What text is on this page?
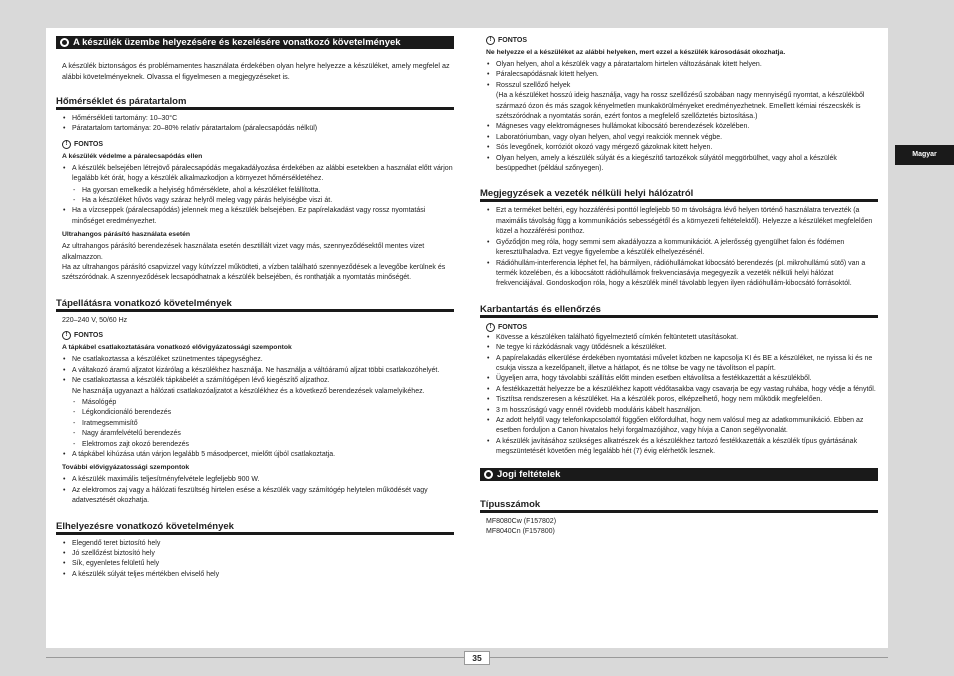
A készülék üzembe helyezésére és kezelésére vonatkozó követelmények

A készülék biztonságos és problémamentes használata érdekében olyan helyre helyezze a készüléket, amely megfelel az alábbi követelményeknek. Olvassa el figyelmesen a megjegyzéseket is.

Hőmérséklet és páratartalom
• Hőmérsékleti tartomány: 10–30°C
• Páratartalom tartománya: 20–80% relatív páratartalom (páralecsapódás nélkül)
! FONTOS
A készülék védelme a páralecsapódás ellen
• A készülék belsejében létrejövő páralecsapódás megakadályozása érdekében az alábbi esetekben a használat előtt várjon legalább két órát, hogy a készülék alkalmazkodjon a környezet hőmérsékletéhez.
- Ha gyorsan emelkedik a helyiség hőmérséklete, ahol a készüléket felállította.
- Ha a készüléket hűvös vagy száraz helyről meleg vagy párás helyiségbe viszi át.
• Ha a vízcseppek (páralecsapódás) jelennek meg a készülék belsejében. Ez papírelakadást vagy rossz nyomtatási minőséget eredményezhet.
Ultrahangos párásító használata esetén

Az ultrahangos párásító berendezések használata esetén desztillált vizet vagy más, szennyeződésektől mentes vizet alkalmazzon.
Ha az ultrahangos párásító csapvizzel vagy kútvízzel működteti, a vízben található szennyeződések a levegőbe kerülnek és szétszóródnak. A szennyeződések lecsapódhatnak a készülék belsejében, és ronthatják a nyomtatás minőségét.

Tápellátásra vonatkozó követelmények

220–240 V, 50/60 Hz

! FONTOS
A tápkábel csatlakoztatására vonatkozó elővigyázatossági szempontok
• Ne csatlakoztassa a készüléket szünetmentes tápegységhez.
• A váltakozó áramú aljzatot kizárólag a készülékhez használja. Ne használja a váltóáramú aljzat többi csatlakozóhelyét.
• Ne csatlakoztassa a készülék tápkábelét a számítógépen lévő kiegészítő aljzathoz.
Ne használja ugyanazt a hálózati csatlakozóaljzatot a készülékhez és a következő berendezések valamelyikéhez.
- Másológép
- Légkondicionáló berendezés
- Iratmegsemmisítő
- Nagy áramfelvételű berendezés
- Elektromos zajt okozó berendezés
• A tápkábel kihúzása után várjon legalább 5 másodpercet, mielőtt újból csatlakoztatja.
További elővigyázatossági szempontok
• A készülék maximális teljesítményfelvétele legfeljebb 900 W.
• Az elektromos zaj vagy a hálózati feszültség hirtelen esése a készülék vagy számítógép helytelen működését vagy adatvesztését okozhatja.
Elhelyezésre vonatkozó követelmények
• Elegendő teret biztosító hely
• Jó szellőzést biztosító hely
• Sík, egyenletes felületű hely
• A készülék súlyát teljes mértékben elviselő hely
! FONTOS
Ne helyezze el a készüléket az alábbi helyeken, mert ezzel a készülék károsodását okozhatja.
• Olyan helyen, ahol a készülék vagy a páratartalom hirtelen változásának kitett helyen.
• Páralecsapódásnak kitett helyen.
• Rosszul szellőző helyek
(Ha a készüléket hosszú ideig használja, vagy ha rossz szellőzésű szobában nagy mennyiségű nyomtat, a készülékből származó ózon és más szagok kényelmetlen munkakörülményeket eredményezhetnek. Emellett kémiai részecskék is szétszóródnak a nyomtatás során, ezért fontos a megfelelő szellőztetés biztosítása.)
• Mágneses vagy elektromágneses hullámokat kibocsátó berendezések közelében.
• Laboratóriumban, vagy olyan helyen, ahol vegyi reakciók mennek végbe.
• Sós levegőnek, korróziót okozó vagy mérgező gázoknak kitett helyen.
• Olyan helyen, amely a készülék súlyát és a kiegészítő tartozékok súlyától meggörbülhet, vagy ahol a készülék besüppedhet (például szőnyegen).
Megjegyzések a vezeték nélküli helyi hálózatról
• Ezt a terméket beltéri, egy hozzáférési ponttól legfeljebb 50 m távolságra lévő helyen történő használatra tervezték (a maximális távolság függ a kommunikációs sebességétől és a környezeti feltételektől). Helyezze a készüléket megfelelően közel a hozzáférési ponthoz.
• Győződjön meg róla, hogy semmi sem akadályozza a kommunikációt. A jelerősség gyengülhet falon és födémen keresztülhaladva. Ezt vegye figyelembe a készülék elhelyezésénél.
• Rádióhullám-interferencia léphet fel, ha bármilyen, rádióhullámokat kibocsátó berendezés (pl. mikrohullámú sütő) van a termék közelében, és a kibocsátott rádióhullámok frekvenciasávja megegyezik a vezeték nélküli helyi hálózat frekvenciájával. Gondoskodjon róla, hogy a készülék minél távolabb legyen ilyen rádióhullám-kibocsátó forrásoktól.
Karbantartás és ellenőrzés
! FONTOS
• Kövesse a készüléken található figyelmeztető címkén feltüntetett utasításokat.
• Ne tegye ki rázkódásnak vagy ütődésnek a készüléket.
• A papírelakadás elkerülése érdekében nyomtatási művelet közben ne kapcsolja KI és BE a készüléket, ne nyissa ki és ne csukja vissza a kezelőpanelt, illetve a hátlapot, és ne töltse be vagy ne távolítson el papírt.
• Ügyeljen arra, hogy távolabbi szállítás előtt minden esetben eltávolítsa a festékkazettát a készülékből.
• A festékkazettát helyezze be a készülékhez kapott védőtasakba vagy csavarja be egy vastag ruhába, hogy védje a fénytől.
• Tisztítsa rendszeresen a készüléket. Ha a készülék poros, elképzelhető, hogy nem működik megfelelően.
• 3 m hosszúságú vagy ennél rövidebb moduláris kábelt használjon.
• Az adott helytől vagy telefonkapcsolattól függően előfordulhat, hogy nem valósul meg az adatkommunikáció. Ebben az esetben forduljon a Canon hivatalos helyi forgalmazójához, vagy hívja a Canon segélyvonalát.
• A készülék javításához szükséges alkatrészek és a készülékhez tartozó festékkazetták a készülék típus gyártásának megszüntetését követően még legalább hét (7) évig elérhetők lesznek.
Jogi feltételek
Típusszámok

MF8080Cw (F157802)

MF8040Cn (F157800)

Magyar
35
